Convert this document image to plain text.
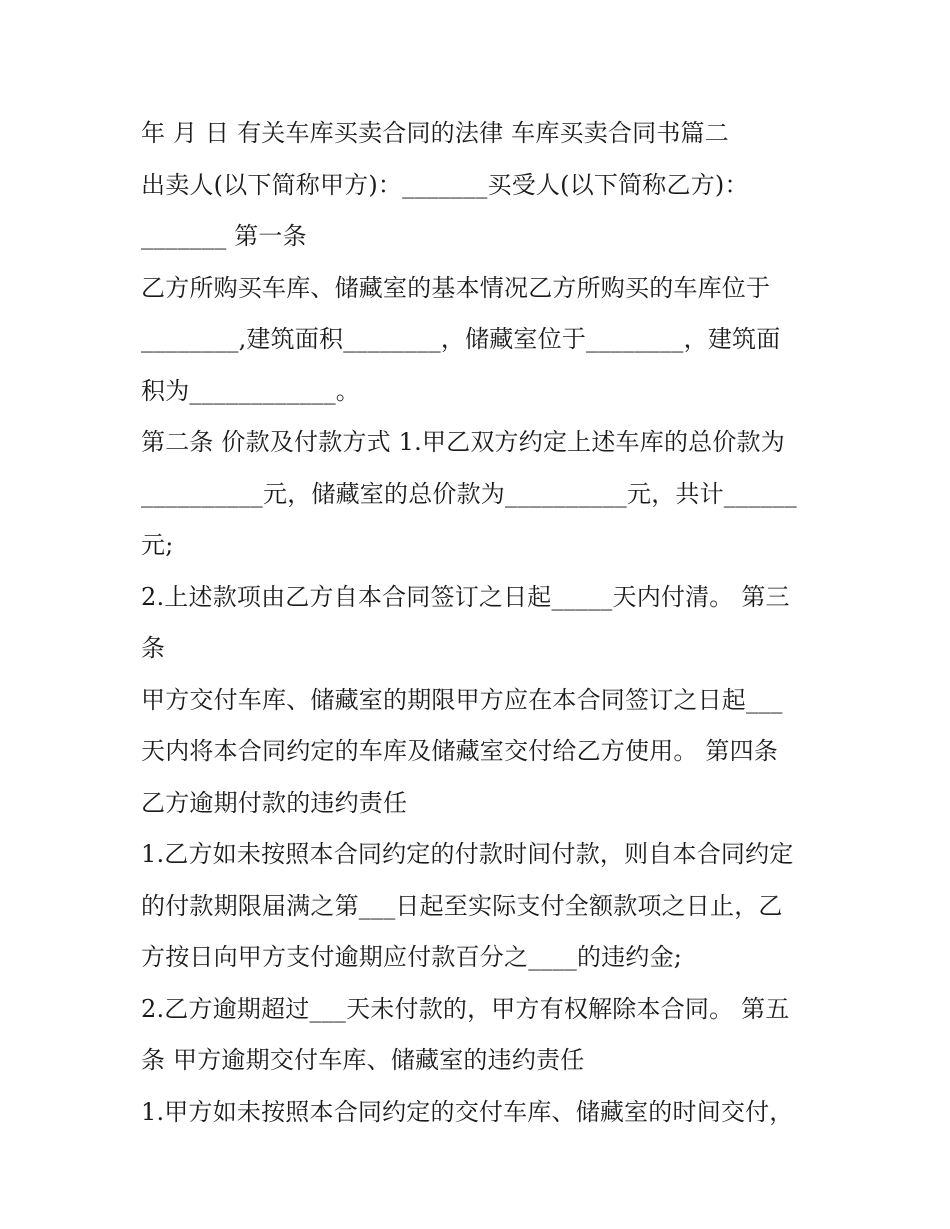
年 月 日 有关车库买卖合同的法律 车库买卖合同书篇二
出卖人(以下简称甲方)：_______买受人(以下简称乙方)：
_______ 第一条
乙方所购买车库、储藏室的基本情况乙方所购买的车库位于
________,建筑面积________，储藏室位于________，建筑面
积为____________。
第二条 价款及付款方式 1.甲乙双方约定上述车库的总价款为
__________元，储藏室的总价款为__________元，共计______
元;
2.上述款项由乙方自本合同签订之日起_____天内付清。 第三
条
甲方交付车库、储藏室的期限甲方应在本合同签订之日起___
天内将本合同约定的车库及储藏室交付给乙方使用。 第四条
乙方逾期付款的违约责任
1.乙方如未按照本合同约定的付款时间付款，则自本合同约定
的付款期限届满之第___日起至实际支付全额款项之日止，乙
方按日向甲方支付逾期应付款百分之____的违约金;
2.乙方逾期超过___天未付款的，甲方有权解除本合同。 第五
条 甲方逾期交付车库、储藏室的违约责任
1.甲方如未按照本合同约定的交付车库、储藏室的时间交付，
